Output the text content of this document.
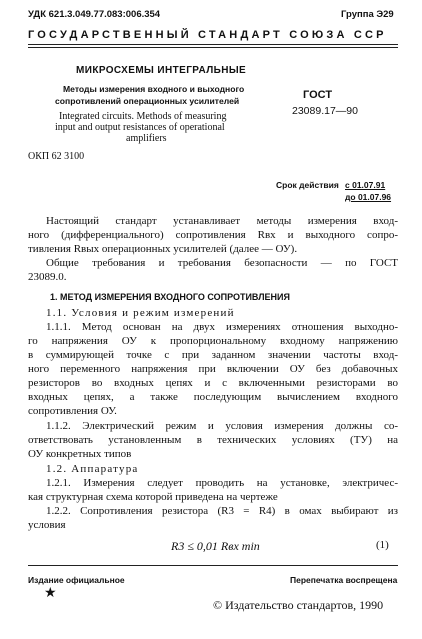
УДК 621.3.049.77.083:006.354	Группа Э29
ГОСУДАРСТВЕННЫЙ СТАНДАРТ СОЮЗА ССР
МИКРОСХЕМЫ ИНТЕГРАЛЬНЫЕ
Методы измерения входного и выходного
сопротивлений операционных усилителей
Integrated circuits. Methods of measuring
input and output resistances of operational
amplifiers
ГОСТ
23089.17—90
ОКП 62 3100
Срок действия с 01.07.91
до 01.07.96
Настоящий стандарт устанавливает методы измерения вход-
ного (дифференциального) сопротивления Rвх и выходного сопро-
тивления Rвых операционных усилителей (далее — ОУ).
Общие требования и требования безопасности — по ГОСТ
23089.0.
1. МЕТОД ИЗМЕРЕНИЯ ВХОДНОГО СОПРОТИВЛЕНИЯ
1.1. Условия и режим измерений
1.1.1. Метод основан на двух измерениях отношения выходно-
го напряжения ОУ к пропорциональному входному напряжению
в суммирующей точке с при заданном значении частоты вход-
ного переменного напряжения при включении ОУ без добавочных
резисторов во входных цепях и с включенными резисторами во
входных цепях, а также последующим вычислением входного
сопротивления ОУ.
1.1.2. Электрический режим и условия измерения должны со-
ответствовать установленным в технических условиях (ТУ) на
ОУ конкретных типов
1.2. Аппаратура
1.2.1. Измерения следует проводить на установке, электричес-
кая структурная схема которой приведена на чертеже
1.2.2. Сопротивления резистора (R3 = R4) в омах выбирают из
условия
R3 ≤ 0,01 Rвх min	(1)
Издание официальное	Перепечатка воспрещена
★
© Издательство стандартов, 1990
